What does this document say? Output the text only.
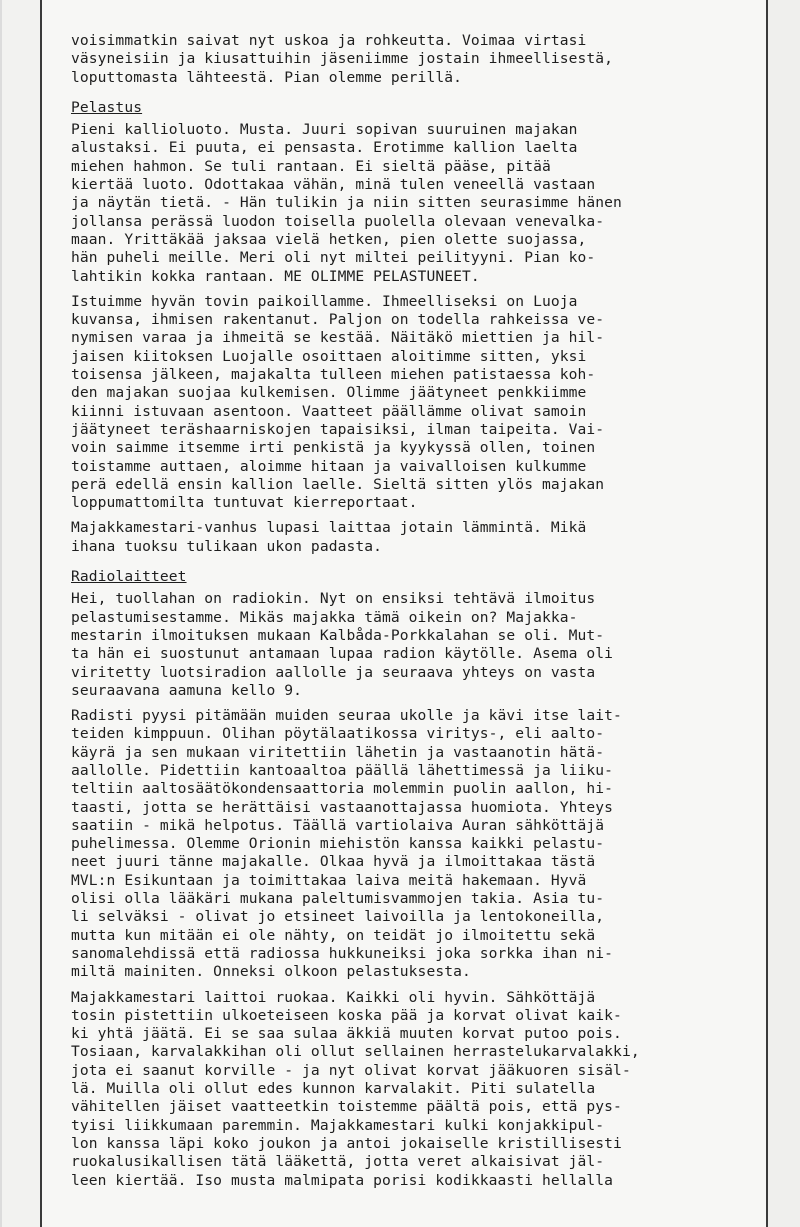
voisimmatkin saivat nyt uskoa ja rohkeutta. Voimaa virtasi
väsyneisiin ja kiusattuihin jäseniimme jostain ihmeellisestä,
loputtomasta lähteestä. Pian olemme perillä.
Pelastus
Pieni kallioluoto. Musta. Juuri sopivan suuruinen majakan
alustaksi. Ei puuta, ei pensasta. Erotimme kallion laelta
miehen hahmon. Se tuli rantaan. Ei sieltä pääse, pitää
kiertää luoto. Odottakaa vähän, minä tulen veneellä vastaan
ja näytän tietä. - Hän tulikin ja niin sitten seurasimme hänen
jollansa perässä luodon toisella puolella olevaan venevalka-
maan. Yrittäkää jaksaa vielä hetken, pien olette suojassa,
hän puheli meille. Meri oli nyt miltei peilityyni. Pian ko-
lahtikin kokka rantaan. ME OLIMME PELASTUNEET.
Istuimme hyvän tovin paikoillamme. Ihmeelliseksi on Luoja
kuvansa, ihmisen rakentanut. Paljon on todella rahkeissa ve-
nymisen varaa ja ihmeitä se kestää. Näitäkö miettien ja hil-
jaisen kiitoksen Luojalle osoittaen aloitimme sitten, yksi
toisensa jälkeen, majakalta tulleen miehen patistaessa koh-
den majakan suojaa kulkemisen. Olimme jäätyneet penkkiimme
kiinni istuvaan asentoon. Vaatteet päällämme olivat samoin
jäätyneet teräshaarniskojen tapaisiksi, ilman taipeita. Vai-
voin saimme itsemme irti penkistä ja kyykyssä ollen, toinen
toistamme auttaen, aloimme hitaan ja vaivalloisen kulkumme
perä edellä ensin kallion laelle. Sieltä sitten ylös majakan
loppumattomilta tuntuvat kierreportaat.
Majakkamestari-vanhus lupasi laittaa jotain lämmintä. Mikä
ihana tuoksu tulikaan ukon padasta.
Radiolaitteet
Hei, tuollahan on radiokin. Nyt on ensiksi tehtävä ilmoitus
pelastumisestamme. Mikäs majakka tämä oikein on? Majakka-
mestarin ilmoituksen mukaan Kalbåda-Porkkalahan se oli. Mut-
ta hän ei suostunut antamaan lupaa radion käytölle. Asema oli
viritetty luotsiradion aallolle ja seuraava yhteys on vasta
seuraavana aamuna kello 9.
Radisti pyysi pitämään muiden seuraa ukolle ja kävi itse lait-
teiden kimppuun. Olihan pöytälaatikossa viritys-, eli aalto-
käyrä ja sen mukaan viritettiin lähetin ja vastaanotin hätä-
aallolle. Pidettiin kantoaaltoa päällä lähettimessä ja liiku-
teltiin aaltosäätökondensaattoria molemmin puolin aallon, hi-
taasti, jotta se herättäisi vastaanottajassa huomiota. Yhteys
saatiin - mikä helpotus. Täällä vartiolaiva Auran sähköttäjä
puhelimessa. Olemme Orionin miehistön kanssa kaikki pelastu-
neet juuri tänne majakalle. Olkaa hyvä ja ilmoittakaa tästä
MVL:n Esikuntaan ja toimittakaa laiva meitä hakemaan. Hyvä
olisi olla lääkäri mukana paleltumisvammojen takia. Asia tu-
li selväksi - olivat jo etsineet laivoilla ja lentokoneilla,
mutta kun mitään ei ole nähty, on teidät jo ilmoitettu sekä
sanomalehdissä että radiossa hukkuneiksi joka sorkka ihan ni-
miltä mainiten. Onneksi olkoon pelastuksesta.
Majakkamestari laittoi ruokaa. Kaikki oli hyvin. Sähköttäjä
tosin pistettiin ulkoeteiseen koska pää ja korvat olivat kaik-
ki yhtä jäätä. Ei se saa sulaa äkkiä muuten korvat putoo pois.
Tosiaan, karvalakkihan oli ollut sellainen herrastelukarvalakki,
jota ei saanut korville - ja nyt olivat korvat jääkuoren sisäl-
lä. Muilla oli ollut edes kunnon karvalakit. Piti sulatella
vähitellen jäiset vaatteetkin toistemme päältä pois, että pys-
tyisi liikkumaan paremmin. Majakkamestari kulki konjakkipul-
lon kanssa läpi koko joukon ja antoi jokaiselle kristillisesti ruokalusikallisen tätä lääkettä, jotta veret alkaisivat jäl-
leen kiertää. Iso musta malmipata porisi kodikkaasti hellalla
